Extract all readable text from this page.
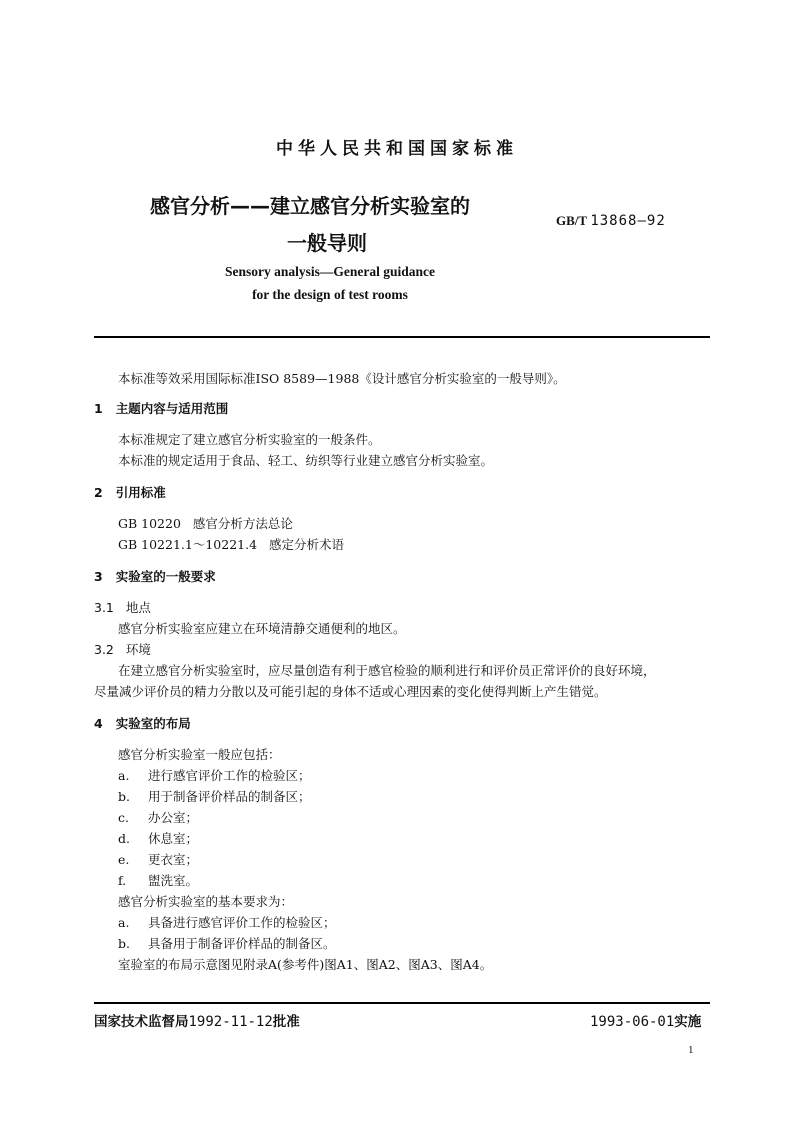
中华人民共和国国家标准
感官分析——建立感官分析实验室的
一般导则
GB/T 13868—92
Sensory analysis—General guidance
for the design of test rooms
本标准等效采用国际标准ISO 8589—1988《设计感官分析实验室的一般导则》。
1 主题内容与适用范围
本标准规定了建立感官分析实验室的一般条件。
本标准的规定适用于食品、轻工、纺织等行业建立感官分析实验室。
2 引用标准
GB 10220 感官分析方法总论
GB 10221.1～10221.4 感定分析术语
3 实验室的一般要求
3.1 地点
感官分析实验室应建立在环境清静交通便利的地区。
3.2 环境
在建立感官分析实验室时，应尽量创造有利于感官检验的顺利进行和评价员正常评价的良好环境，
尽量减少评价员的精力分散以及可能引起的身体不适或心理因素的变化使得判断上产生错觉。
4 实验室的布局
感官分析实验室一般应包括：
a. 进行感官评价工作的检验区；
b. 用于制备评价样品的制备区；
c. 办公室；
d. 休息室；
e. 更衣室；
f. 盥洗室。
感官分析实验室的基本要求为：
a. 具备进行感官评价工作的检验区；
b. 具备用于制备评价样品的制备区。
室验室的布局示意图见附录A(参考件)图A1、图A2、图A3、图A4。
国家技术监督局1992-11-12批准	1993-06-01实施
1
